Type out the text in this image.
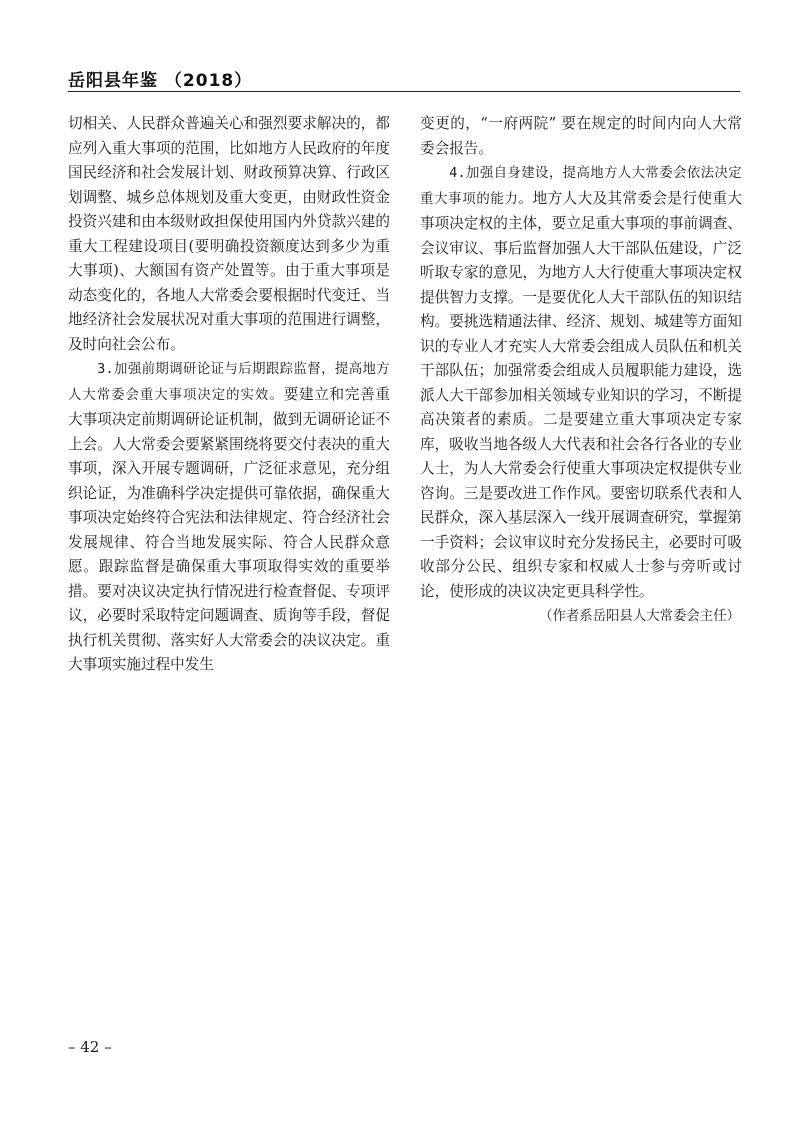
岳阳县年鉴 （2018）

切相关、人民群众普遍关心和强烈要求解决的，都应列入重大事项的范围，比如地方人民政府的年度国民经济和社会发展计划、财政预算决算、行政区划调整、城乡总体规划及重大变更，由财政性资金投资兴建和由本级财政担保使用国内外贷款兴建的重大工程建设项目(要明确投资额度达到多少为重大事项)、大额国有资产处置等。由于重大事项是动态变化的，各地人大常委会要根据时代变迁、当地经济社会发展状况对重大事项的范围进行调整，及时向社会公布。

3.加强前期调研论证与后期跟踪监督，提高地方人大常委会重大事项决定的实效。要建立和完善重大事项决定前期调研论证机制，做到无调研论证不上会。人大常委会要紧紧围绕将要交付表决的重大事项，深入开展专题调研，广泛征求意见，充分组织论证，为准确科学决定提供可靠依据，确保重大事项决定始终符合宪法和法律规定、符合经济社会发展规律、符合当地发展实际、符合人民群众意愿。跟踪监督是确保重大事项取得实效的重要举措。要对决议决定执行情况进行检查督促、专项评议，必要时采取特定问题调查、质询等手段，督促执行机关贯彻、落实好人大常委会的决议决定。重大事项实施过程中发生

变更的，“一府两院” 要在规定的时间内向人大常委会报告。

4.加强自身建设，提高地方人大常委会依法决定重大事项的能力。地方人大及其常委会是行使重大事项决定权的主体，要立足重大事项的事前调查、会议审议、事后监督加强人大干部队伍建设，广泛听取专家的意见，为地方人大行使重大事项决定权提供智力支撑。一是要优化人大干部队伍的知识结构。要挑选精通法律、经济、规划、城建等方面知识的专业人才充实人大常委会组成人员队伍和机关干部队伍；加强常委会组成人员履职能力建设，选派人大干部参加相关领域专业知识的学习，不断提高决策者的素质。二是要建立重大事项决定专家库，吸收当地各级人大代表和社会各行各业的专业人士，为人大常委会行使重大事项决定权提供专业咨询。三是要改进工作作风。要密切联系代表和人民群众，深入基层深入一线开展调查研究，掌握第一手资料；会议审议时充分发扬民主，必要时可吸收部分公民、组织专家和权威人士参与旁听或讨论，使形成的决议决定更具科学性。

（作者系岳阳县人大常委会主任）
– 42 –
